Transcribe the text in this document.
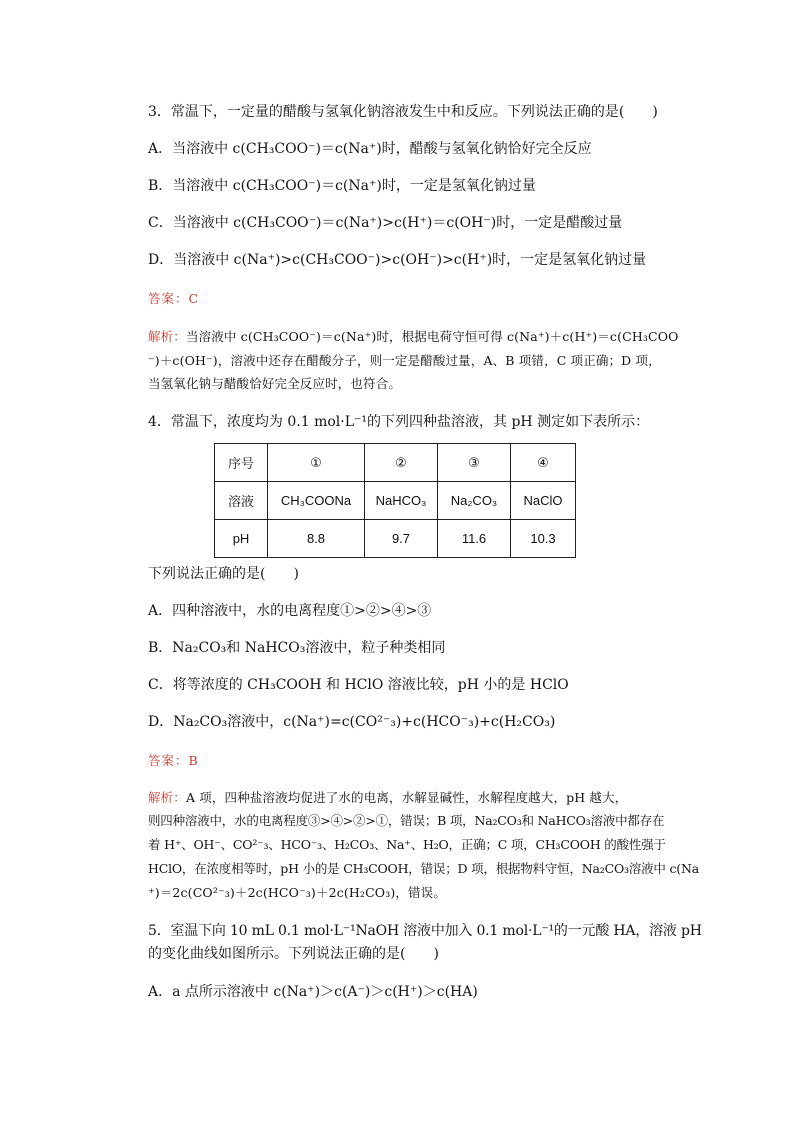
3．常温下，一定量的醋酸与氢氧化钠溶液发生中和反应。下列说法正确的是(　　)
A．当溶液中 c(CH₃COO⁻)＝c(Na⁺)时，醋酸与氢氧化钠恰好完全反应
B．当溶液中 c(CH₃COO⁻)＝c(Na⁺)时，一定是氢氧化钠过量
C．当溶液中 c(CH₃COO⁻)＝c(Na⁺)>c(H⁺)＝c(OH⁻)时，一定是醋酸过量
D．当溶液中 c(Na⁺)>c(CH₃COO⁻)>c(OH⁻)>c(H⁺)时，一定是氢氧化钠过量
答案：C
解析：当溶液中 c(CH₃COO⁻)＝c(Na⁺)时，根据电荷守恒可得 c(Na⁺)＋c(H⁺)＝c(CH₃COO
⁻)＋c(OH⁻)，溶液中还存在醋酸分子，则一定是醋酸过量，A、B 项错，C 项正确；D 项，
当氢氧化钠与醋酸恰好完全反应时，也符合。
4．常温下，浓度均为 0.1 mol·L⁻¹的下列四种盐溶液，其 pH 测定如下表所示：
序号	①	②	③	④
溶液	CH₃COONa	NaHCO₃	Na₂CO₃	NaClO
pH	8.8	9.7	11.6	10.3
下列说法正确的是(　　)
A．四种溶液中，水的电离程度①>②>④>③
B．Na₂CO₃和 NaHCO₃溶液中，粒子种类相同
C．将等浓度的 CH₃COOH 和 HClO 溶液比较，pH 小的是 HClO
D．Na₂CO₃溶液中，c(Na⁺)=c(CO²⁻₃)+c(HCO⁻₃)+c(H₂CO₃)
答案：B
解析：A 项，四种盐溶液均促进了水的电离，水解显碱性，水解程度越大，pH 越大，
则四种溶液中，水的电离程度③>④>②>①，错误；B 项，Na₂CO₃和 NaHCO₃溶液中都存在
着 H⁺、OH⁻、CO²⁻₃、HCO⁻₃、H₂CO₃、Na⁺、H₂O，正确；C 项，CH₃COOH 的酸性强于
HClO，在浓度相等时，pH 小的是 CH₃COOH，错误；D 项，根据物料守恒，Na₂CO₃溶液中 c(Na
⁺)＝2c(CO²⁻₃)＋2c(HCO⁻₃)＋2c(H₂CO₃)，错误。
5．室温下向 10 mL 0.1 mol·L⁻¹NaOH 溶液中加入 0.1 mol·L⁻¹的一元酸 HA，溶液 pH
的变化曲线如图所示。下列说法正确的是(　　)
A．a 点所示溶液中 c(Na⁺)＞c(A⁻)＞c(H⁺)＞c(HA)
